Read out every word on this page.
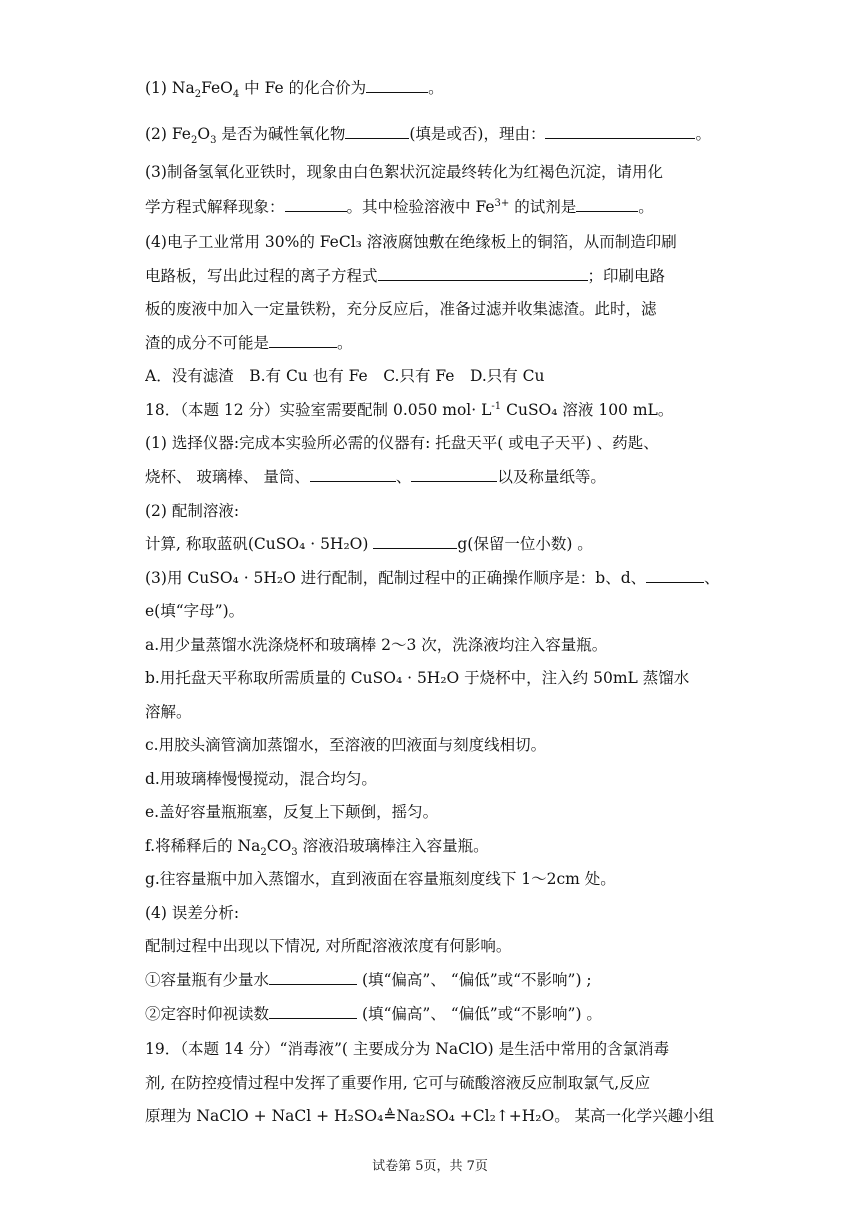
(1) $Na_2FeO_4$ 中 Fe 的化合价为	。
(2) $Fe_2O_3$ 是否为碱性氧化物	(填是或否)，理由：	。
(3)制备氢氧化亚铁时，现象由白色絮状沉淀最终转化为红褐色沉淀，请用化
学方程式解释现象：	。其中检验溶液中 $Fe^{3+}$ 的试剂是	。
(4)电子工业常用 30%的 FeCl₃ 溶液腐蚀敷在绝缘板上的铜箔，从而制造印刷
电路板，写出此过程的离子方程式	；印刷电路
板的废液中加入一定量铁粉，充分反应后，准备过滤并收集滤渣。此时，滤
渣的成分不可能是	。
A．没有滤渣　B.有 Cu 也有 Fe　C.只有 Fe　D.只有 Cu
18．（本题 12 分）实验室需要配制 0.050 $mol\cdot L^{-1}$ CuSO₄ 溶液 100 mL。
(1) 选择仪器:完成本实验所必需的仪器有: 托盘天平( 或电子天平) 、药匙、
烧杯、 玻璃棒、 量筒、	、	以及称量纸等。
(2) 配制溶液:
计算, 称取蓝矾(CuSO₄ · 5H₂O)	g(保留一位小数) 。
(3)用 CuSO₄ · 5H₂O 进行配制，配制过程中的正确操作顺序是：b、d、	、
e(填“字母”)。
a.用少量蒸馏水洗涤烧杯和玻璃棒 2～3 次，洗涤液均注入容量瓶。
b.用托盘天平称取所需质量的 CuSO₄ · 5H₂O 于烧杯中，注入约 50mL 蒸馏水
溶解。
c.用胶头滴管滴加蒸馏水，至溶液的凹液面与刻度线相切。
d.用玻璃棒慢慢搅动，混合均匀。
e.盖好容量瓶瓶塞，反复上下颠倒，摇匀。
f.将稀释后的 $Na_2CO_3$ 溶液沿玻璃棒注入容量瓶。
g.往容量瓶中加入蒸馏水，直到液面在容量瓶刻度线下 1～2cm 处。
(4) 误差分析:
配制过程中出现以下情况, 对所配溶液浓度有何影响。
①容量瓶有少量水	(填“偏高”、 “偏低”或“不影响”) ;
②定容时仰视读数	(填“偏高”、 “偏低”或“不影响”) 。
19．（本题 14 分）“消毒液”( 主要成分为 NaClO) 是生活中常用的含氯消毒
剂, 在防控疫情过程中发挥了重要作用, 它可与硫酸溶液反应制取氯气,反应
原理为 NaClO + NaCl + H₂SO₄≜Na₂SO₄ +Cl₂↑+H₂O。 某高一化学兴趣小组
试卷第 5页，共 7页
